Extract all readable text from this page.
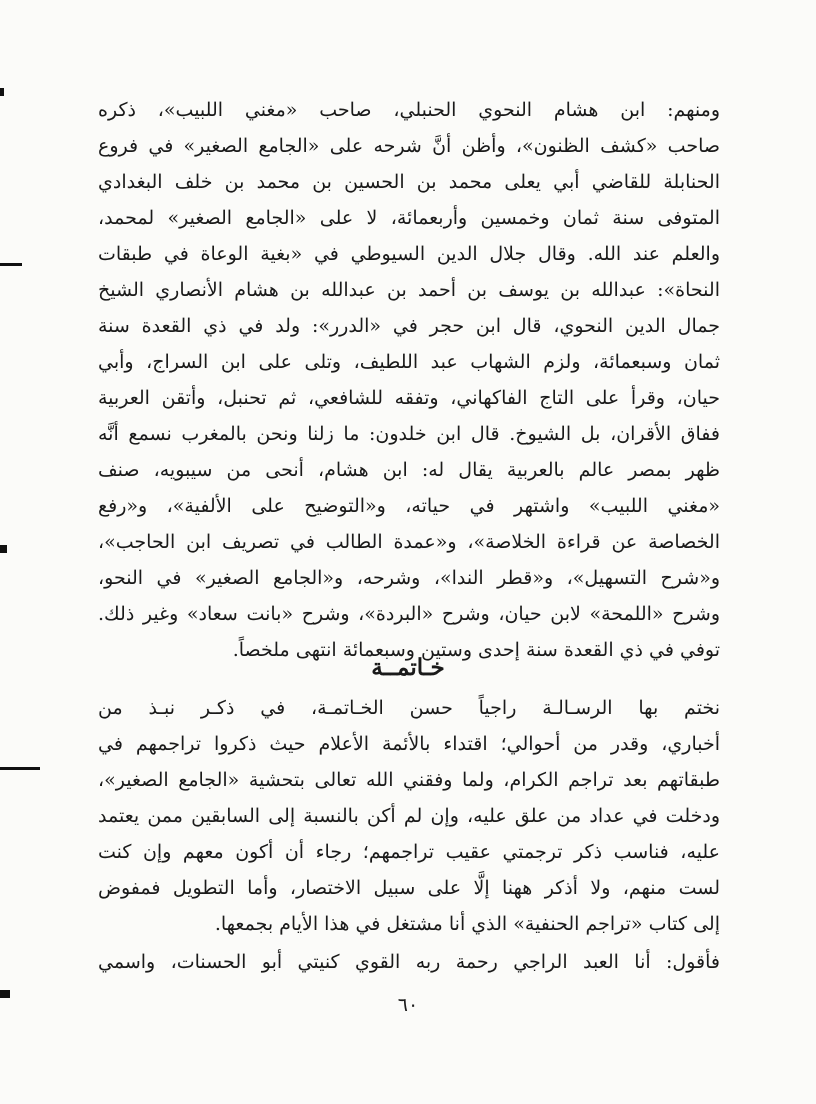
ومنهم: ابن هشام النحوي الحنبلي، صاحب «مغني اللبيب»، ذكره
صاحب «كشف الظنون»، وأظن أنَّ شرحه على «الجامع الصغير» في فروع
الحنابلة للقاضي أبي يعلى محمد بن الحسين بن محمد بن خلف البغدادي
المتوفى سنة ثمان وخمسين وأربعمائة، لا على «الجامع الصغير» لمحمد،
والعلم عند الله. وقال جلال الدين السيوطي في «بغية الوعاة في طبقات
النحاة»: عبدالله بن يوسف بن أحمد بن عبدالله بن هشام الأنصاري الشيخ
جمال الدين النحوي، قال ابن حجر في «الدرر»: ولد في ذي القعدة سنة
ثمان وسبعمائة، ولزم الشهاب عبد اللطيف، وتلى على ابن السراج، وأبي
حيان، وقرأ على التاج الفاكهاني، وتفقه للشافعي، ثم تحنبل، وأتقن العربية
ففاق الأقران، بل الشيوخ. قال ابن خلدون: ما زلنا ونحن بالمغرب نسمع أنَّه
ظهر بمصر عالم بالعربية يقال له: ابن هشام، أنحى من سيبويه، صنف
«مغني اللبيب» واشتهر في حياته، و«التوضيح على الألفية»، و«رفع
الخصاصة عن قراءة الخلاصة»، و«عمدة الطالب في تصريف ابن الحاجب»،
و«شرح التسهيل»، و«قطر الندا»، وشرحه، و«الجامع الصغير» في النحو،
وشرح «اللمحة» لابن حيان، وشرح «البردة»، وشرح «بانت سعاد» وغير ذلك.
توفي في ذي القعدة سنة إحدى وستين وسبعمائة انتهى ملخصاً.
خـاتمــة
نختم بها الرسـالـة راجياً حسن الخـاتمـة، في ذكـر نبـذ من
أخباري، وقدر من أحوالي؛ اقتداء بالأئمة الأعلام حيث ذكروا تراجمهم في
طبقاتهم بعد تراجم الكرام، ولما وفقني الله تعالى بتحشية «الجامع الصغير»،
ودخلت في عداد من علق عليه، وإن لم أكن بالنسبة إلى السابقين ممن يعتمد
عليه، فناسب ذكر ترجمتي عقيب تراجمهم؛ رجاء أن أكون معهم وإن كنت
لست منهم، ولا أذكر ههنا إلَّا على سبيل الاختصار، وأما التطويل فمفوض
إلى كتاب «تراجم الحنفية» الذي أنا مشتغل في هذا الأيام بجمعها.
فأقول: أنا العبد الراجي رحمة ربه القوي كنيتي أبو الحسنات، واسمي
٦٠
